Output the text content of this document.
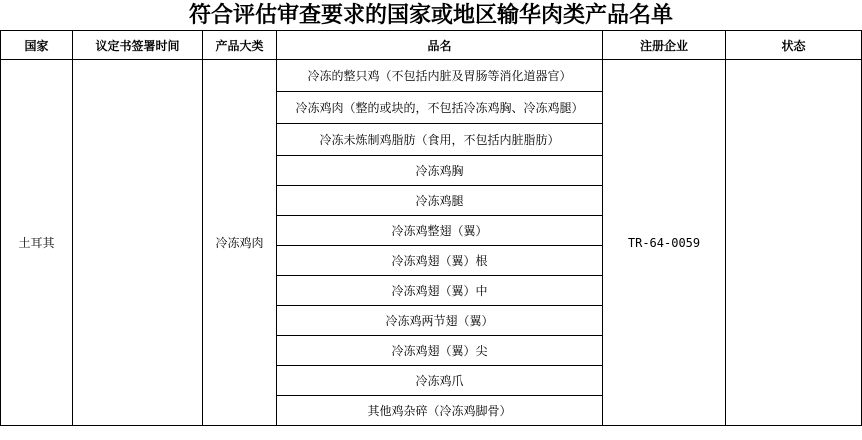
符合评估审查要求的国家或地区输华肉类产品名单
国家	议定书签署时间	产品大类	品名	注册企业	状态
土耳其		冷冻鸡肉	冷冻的整只鸡（不包括内脏及胃肠等消化道器官）	TR-64-0059	
			冷冻鸡肉（整的或块的，不包括冷冻鸡胸、冷冻鸡腿）		
			冷冻未炼制鸡脂肪（食用，不包括内脏脂肪）		
			冷冻鸡胸		
			冷冻鸡腿		
			冷冻鸡整翅（翼）		
			冷冻鸡翅（翼）根		
			冷冻鸡翅（翼）中		
			冷冻鸡两节翅（翼）		
			冷冻鸡翅（翼）尖		
			冷冻鸡爪		
			其他鸡杂碎（冷冻鸡脚骨）		
